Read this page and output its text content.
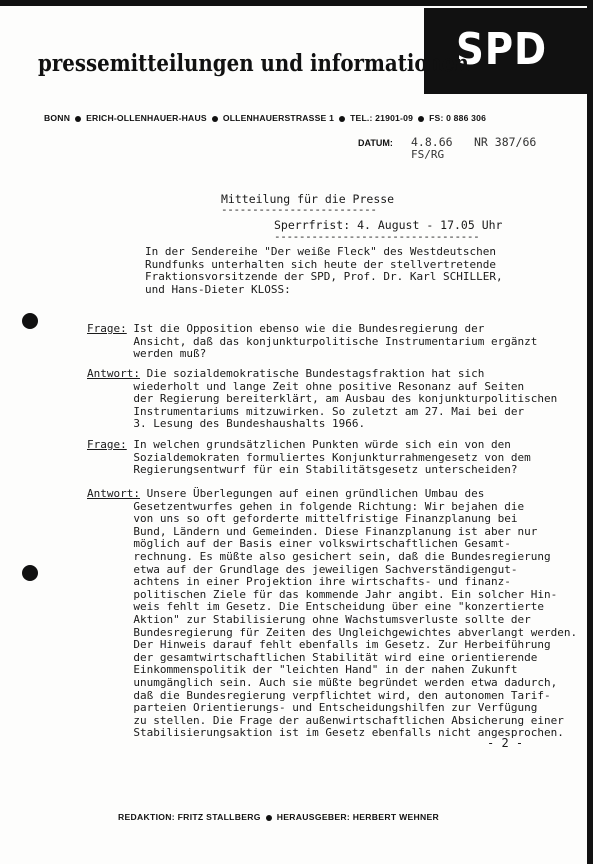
SPD
pressemitteilungen und informationen
BONN ERICH-OLLENHAUER-HAUS OLLENHAUERSTRASSE 1 TEL.: 21901-09 FS: 0 886 306
DATUM: 4.8.66 NR 387/66
FS/RG
Mitteilung für die Presse
-------------------------
Sperrfrist: 4. August - 17.05 Uhr
---------------------------------
In der Sendereihe "Der weiße Fleck" des Westdeutschen
Rundfunks unterhalten sich heute der stellvertretende
Fraktionsvorsitzende der SPD, Prof. Dr. Karl SCHILLER,
und Hans-Dieter KLOSS:
Frage: Ist die Opposition ebenso wie die Bundesregierung der
Ansicht, daß das konjunkturpolitische Instrumentarium ergänzt
werden muß?
Antwort: Die sozialdemokratische Bundestagsfraktion hat sich
wiederholt und lange Zeit ohne positive Resonanz auf Seiten
der Regierung bereiterklärt, am Ausbau des konjunkturpolitischen
Instrumentariums mitzuwirken. So zuletzt am 27. Mai bei der
3. Lesung des Bundeshaushalts 1966.
Frage: In welchen grundsätzlichen Punkten würde sich ein von den
Sozialdemokraten formuliertes Konjunkturrahmengesetz von dem
Regierungsentwurf für ein Stabilitätsgesetz unterscheiden?
Antwort: Unsere Überlegungen auf einen gründlichen Umbau des
Gesetzentwurfes gehen in folgende Richtung: Wir bejahen die
von uns so oft geforderte mittelfristige Finanzplanung bei
Bund, Ländern und Gemeinden. Diese Finanzplanung ist aber nur
möglich auf der Basis einer volkswirtschaftlichen Gesamt-
rechnung. Es müßte also gesichert sein, daß die Bundesregierung
etwa auf der Grundlage des jeweiligen Sachverständigengut-
achtens in einer Projektion ihre wirtschafts- und finanz-
politischen Ziele für das kommende Jahr angibt. Ein solcher Hin-
weis fehlt im Gesetz. Die Entscheidung über eine "konzertierte
Aktion" zur Stabilisierung ohne Wachstumsverluste sollte der
Bundesregierung für Zeiten des Ungleichgewichtes abverlangt werden.
Der Hinweis darauf fehlt ebenfalls im Gesetz. Zur Herbeiführung
der gesamtwirtschaftlichen Stabilität wird eine orientierende
Einkommenspolitik der "leichten Hand" in der nahen Zukunft
unumgänglich sein. Auch sie müßte begründet werden etwa dadurch,
daß die Bundesregierung verpflichtet wird, den autonomen Tarif-
parteien Orientierungs- und Entscheidungshilfen zur Verfügung
zu stellen. Die Frage der außenwirtschaftlichen Absicherung einer
Stabilisierungsaktion ist im Gesetz ebenfalls nicht angesprochen.
- 2 -
REDAKTION: FRITZ STALLBERG HERAUSGEBER: HERBERT WEHNER
